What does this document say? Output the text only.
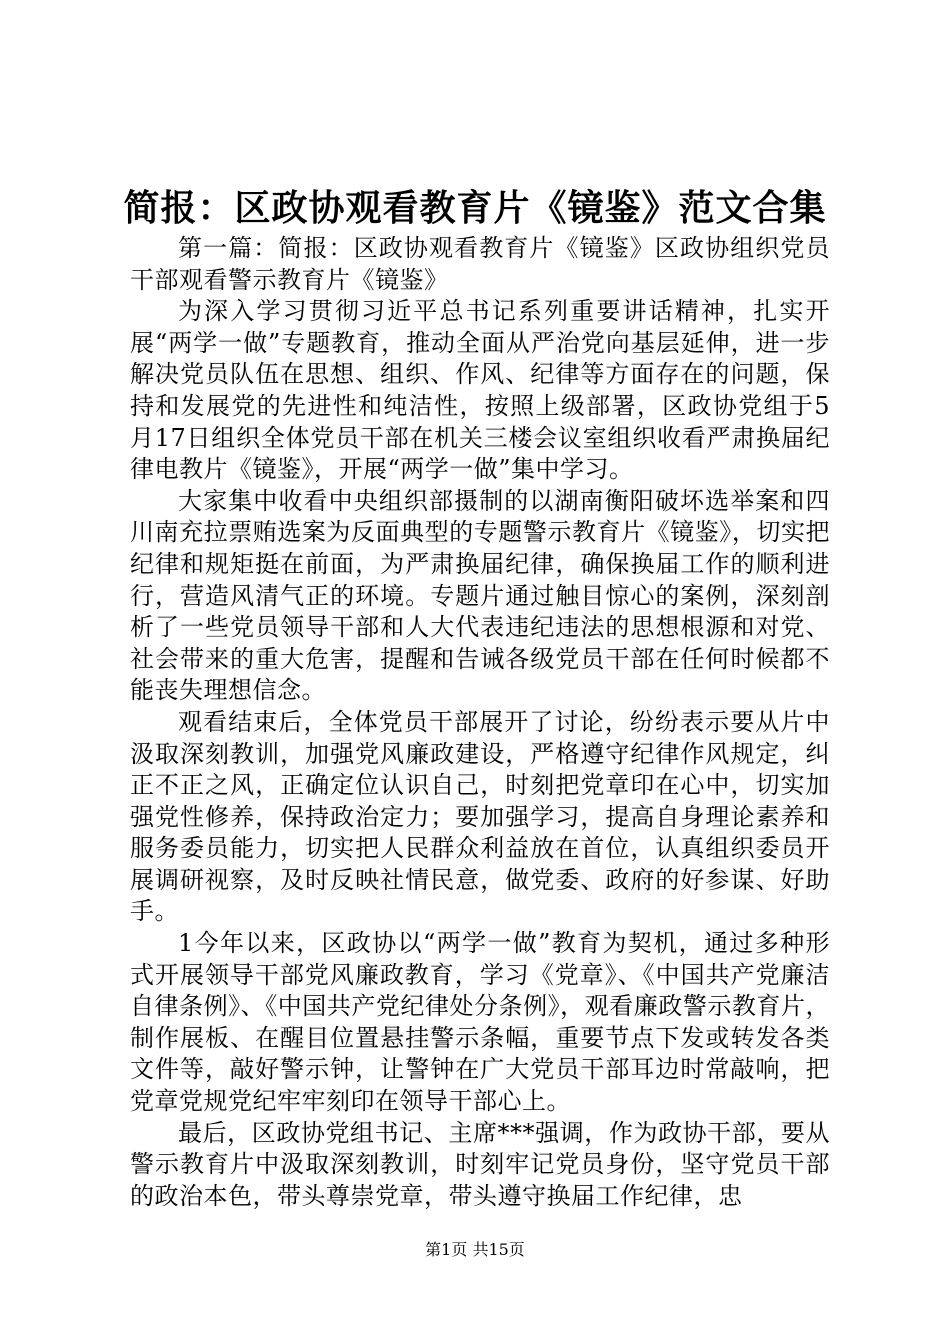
简报：区政协观看教育片《镜鉴》范文合集

第一篇：简报：区政协观看教育片《镜鉴》区政协组织党员干部观看警示教育片《镜鉴》

为深入学习贯彻习近平总书记系列重要讲话精神，扎实开展“两学一做”专题教育，推动全面从严治党向基层延伸，进一步解决党员队伍在思想、组织、作风、纪律等方面存在的问题，保持和发展党的先进性和纯洁性，按照上级部署，区政协党组于5月17日组织全体党员干部在机关三楼会议室组织收看严肃换届纪律电教片《镜鉴》，开展“两学一做”集中学习。

大家集中收看中央组织部摄制的以湖南衡阳破坏选举案和四川南充拉票贿选案为反面典型的专题警示教育片《镜鉴》，切实把纪律和规矩挺在前面，为严肃换届纪律，确保换届工作的顺利进行，营造风清气正的环境。专题片通过触目惊心的案例，深刻剖析了一些党员领导干部和人大代表违纪违法的思想根源和对党、社会带来的重大危害，提醒和告诫各级党员干部在任何时候都不能丧失理想信念。

观看结束后，全体党员干部展开了讨论，纷纷表示要从片中汲取深刻教训，加强党风廉政建设，严格遵守纪律作风规定，纠正不正之风，正确定位认识自己，时刻把党章印在心中，切实加强党性修养，保持政治定力；要加强学习，提高自身理论素养和服务委员能力，切实把人民群众利益放在首位，认真组织委员开展调研视察，及时反映社情民意，做党委、政府的好参谋、好助手。

1今年以来，区政协以“两学一做”教育为契机，通过多种形式开展领导干部党风廉政教育，学习《党章》、《中国共产党廉洁自律条例》、《中国共产党纪律处分条例》，观看廉政警示教育片，制作展板、在醒目位置悬挂警示条幅，重要节点下发或转发各类文件等，敲好警示钟，让警钟在广大党员干部耳边时常敲响，把党章党规党纪牢牢刻印在领导干部心上。

最后，区政协党组书记、主席***强调，作为政协干部，要从警示教育片中汲取深刻教训，时刻牢记党员身份，坚守党员干部的政治本色，带头尊崇党章，带头遵守换届工作纪律，忠

第1页 共15页
